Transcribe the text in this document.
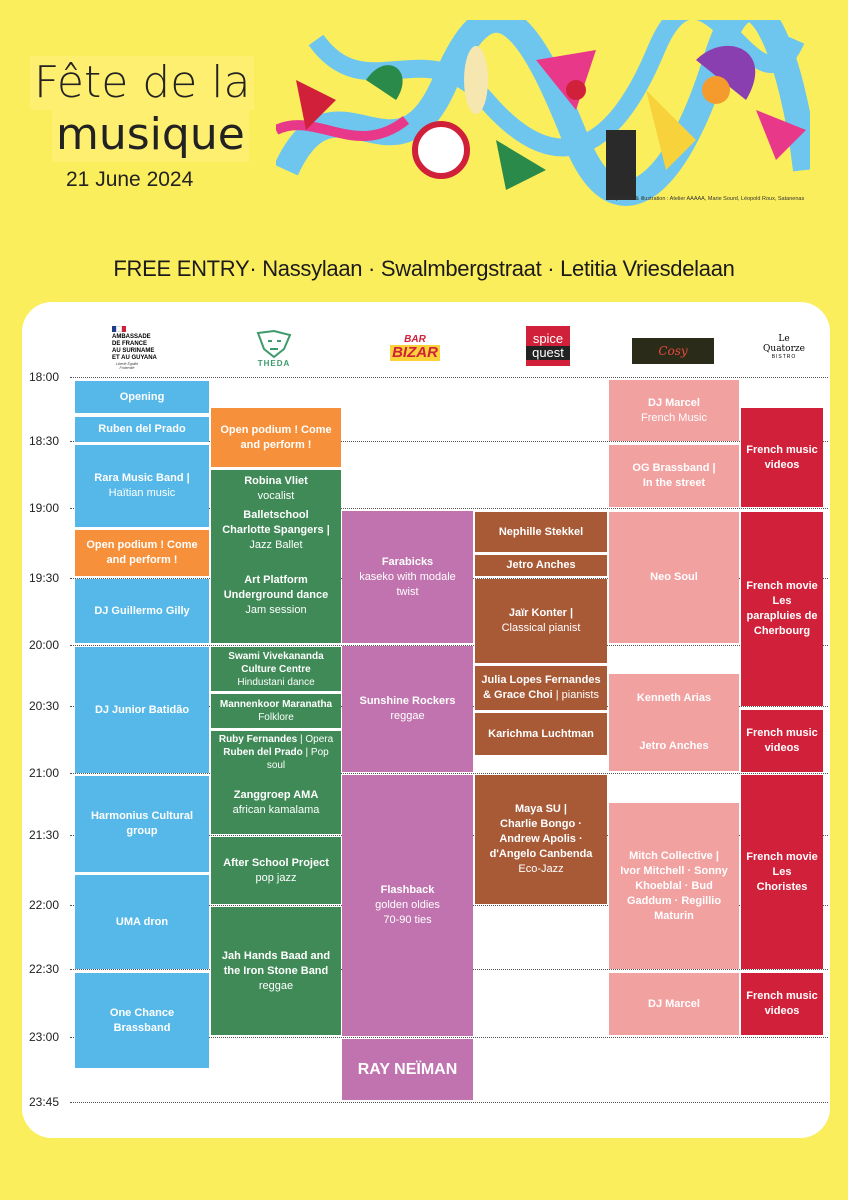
Fête de la
musique
21 June 2024
Graphisme & illustration : Atelier AAAAA, Marie Sourd, Léopold Roux, Satanenas
FREE ENTRY· Nassylaan · Swalmbergstraat · Letitia Vriesdelaan
AMBASSADE
DE FRANCE
AU SURINAME
ET AU GUYANA
Liberté Égalité Fraternité
THEDA
BAR
BIZAR
spice
quest	Cosy
Le
Quatorze
BISTRO
18:00
18:30
19:00
19:30
20:00
20:30
21:00
21:30
22:00
22:30
23:00
23:45
Opening
Ruben del Prado
Rara Music Band |
Haïtian music
Open podium ! Come
and perform !
DJ Guillermo Gilly
DJ Junior Batidão
Harmonius Cultural
group
UMA dron
One Chance
Brassband
Open podium ! Come
and perform !
Robina Vliet
vocalist
Balletschool
Charlotte Spangers |
Jazz Ballet
Art Platform
Underground dance
Jam session
Swami Vivekananda
Culture Centre
Hindustani dance
Mannenkoor Maranatha
Folklore
Ruby Fernandes | Opera
Ruben del Prado | Pop
soul
Zanggroep AMA
african kamalama
After School Project
pop jazz
Jah Hands Baad and
the Iron Stone Band
reggae
Farabicks
kaseko with modale
twist
Sunshine Rockers
reggae
Flashback
golden oldies
70-90 ties
RAY NEÏMAN
Nephille Stekkel
Jetro Anches
Jaïr Konter |
Classical pianist
Julia Lopes Fernandes
& Grace Choi | pianists
Karichma Luchtman
Maya SU |
Charlie Bongo ·
Andrew Apolis ·
d'Angelo Canbenda
Eco-Jazz
DJ Marcel
French Music
OG Brassband |
In the street
Neo Soul
Kenneth Arias
Jetro Anches
Mitch Collective |
Ivor Mitchell · Sonny
Khoeblal · Bud
Gaddum · Regillio
Maturin
DJ Marcel
French music
videos
French movie
Les
parapluies de
Cherbourg
French music
videos
French movie
Les
Choristes
French music
videos
